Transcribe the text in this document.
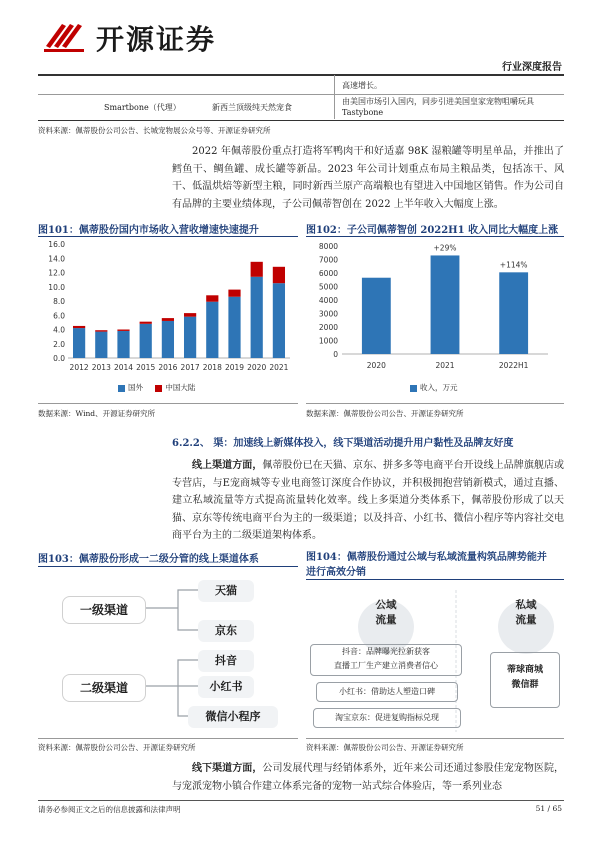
开源证券
行业深度报告
高速增长。
Smartbone（代理）	新西兰顶级纯天然宠食
由美国市场引入国内，同步引进美国皇家宠物咀嚼玩具
Tastybone
资料来源：佩蒂股份公司公告、长城宠物展公众号等、开源证券研究所
2022 年佩蒂股份重点打造将军鸭肉干和好适嘉 98K 湿粮罐等明星单品，并推出了鳕鱼干、鲷鱼罐、成长罐等新品。2023 年公司计划重点布局主粮品类，包括冻干、风干、低温烘焙等新型主粮，同时新西兰原产高端粮也有望进入中国地区销售。作为公司自有品牌的主要业绩体现，子公司佩蒂智创在 2022 上半年收入大幅度上涨。
图101：佩蒂股份国内市场收入营收增速快速提升
0.0
2.0
4.0
6.0
8.0
10.0
12.0
14.0
16.0
2012 2013 2014 2015 2016 2017 2018 2019 2020 2021
国外	中国大陆
数据来源：Wind、开源证券研究所
图102：子公司佩蒂智创 2022H1 收入同比大幅度上涨
0
1000
2000
3000
4000
5000
6000
7000
8000
2020	2021
+29%
2022H1
+114%
收入，万元
数据来源：佩蒂股份公司公告、开源证券研究所
6.2.2、 渠：加速线上新媒体投入，线下渠道活动提升用户黏性及品牌友好度
线上渠道方面，佩蒂股份已在天猫、京东、拼多多等电商平台开设线上品牌旗舰店或专营店，与E宠商城等专业电商签订深度合作协议，并积极拥抱营销新模式，通过直播、建立私域流量等方式提高流量转化效率。线上多渠道分类体系下，佩蒂股份形成了以天猫、京东等传统电商平台为主的一级渠道；以及抖音、小红书、微信小程序等内容社交电商平台为主的二级渠道架构体系。
图103：佩蒂股份形成一二级分管的线上渠道体系
一级渠道
二级渠道
天猫
京东
抖音
小红书
微信小程序
资料来源：佩蒂股份公司公告、开源证券研究所
图104：佩蒂股份通过公域与私域流量构筑品牌势能并
进行高效分销
公域
流量
私域
流量
抖音：品牌曝光拉新获客
直播工厂生产建立消费者信心
小红书：借助达人塑造口碑
淘宝京东：促进复购指标兑现
蒂球商城
微信群
资料来源：佩蒂股份公司公告、开源证券研究所
线下渠道方面，公司发展代理与经销体系外，近年来公司还通过参股佳宠宠物医院，与宠派宠物小镇合作建立体系完备的宠物一站式综合体验店，等一系列业态
请务必参阅正文之后的信息披露和法律声明	51 / 65
